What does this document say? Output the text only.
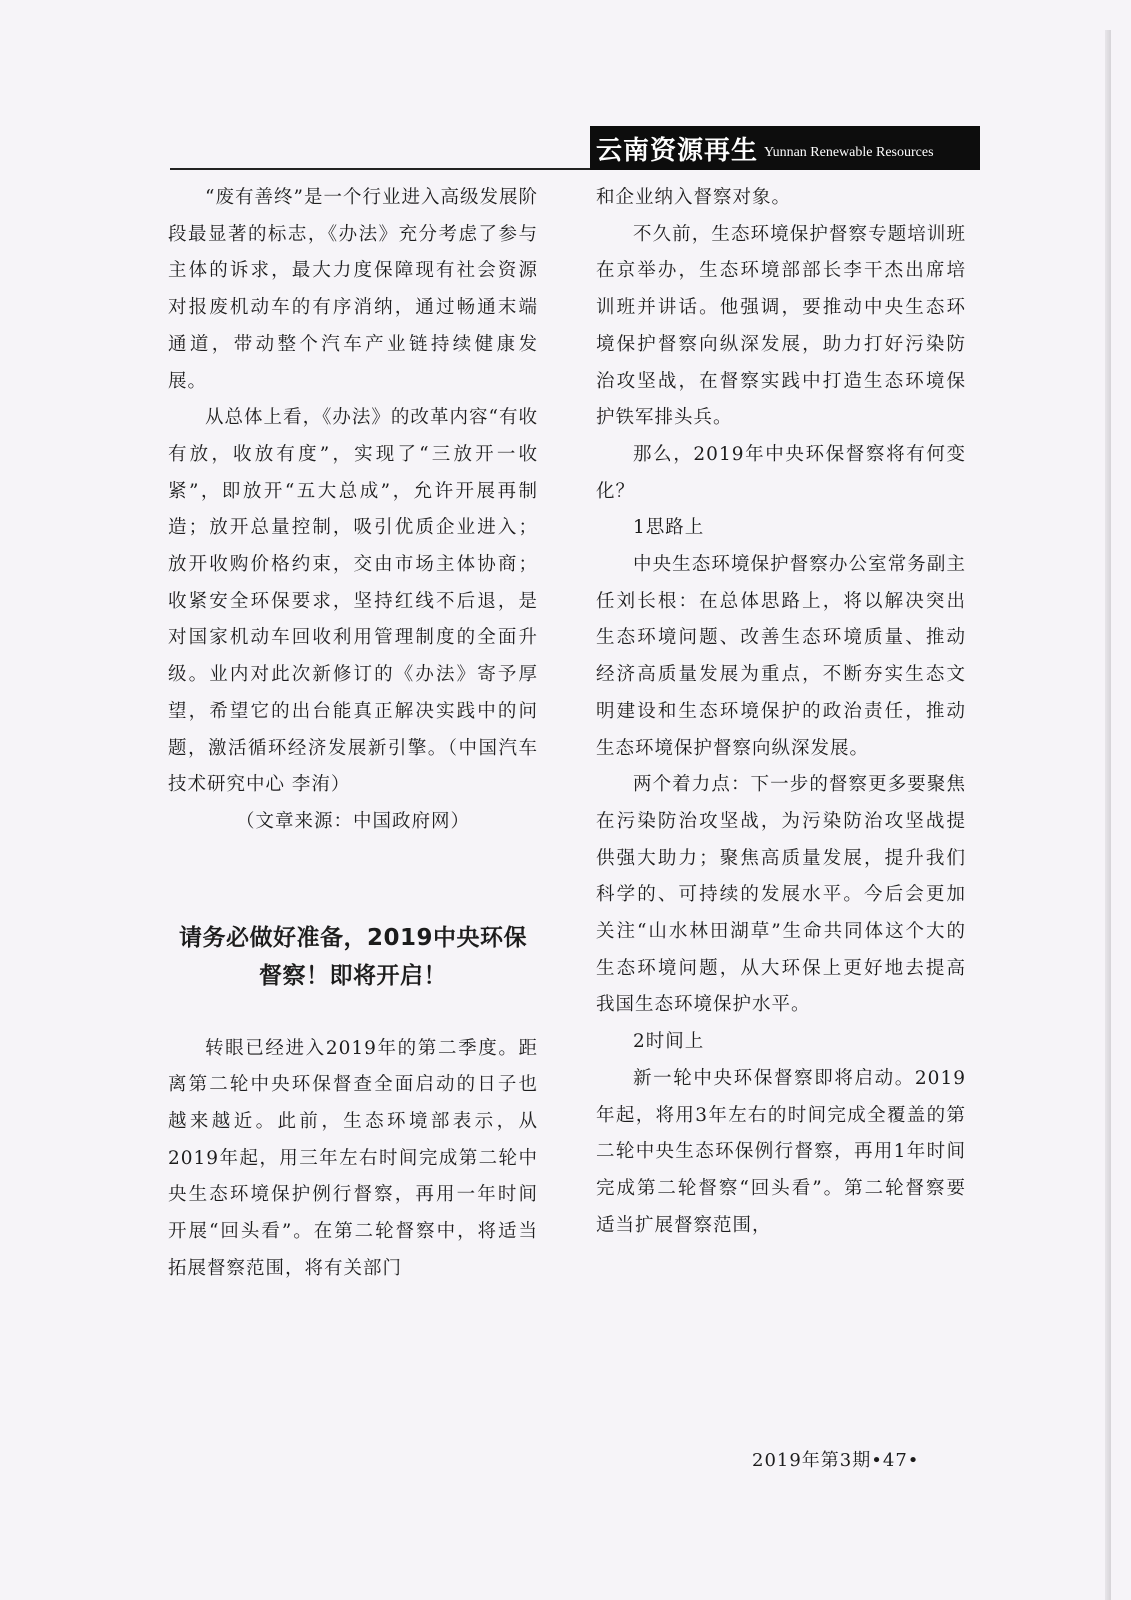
云南资源再生 Yunnan Renewable Resources

“废有善终”是一个行业进入高级发展阶段最显著的标志，《办法》充分考虑了参与主体的诉求，最大力度保障现有社会资源对报废机动车的有序消纳，通过畅通末端通道，带动整个汽车产业链持续健康发展。

从总体上看，《办法》的改革内容“有收有放，收放有度”，实现了“三放开一收紧”，即放开“五大总成”，允许开展再制造；放开总量控制，吸引优质企业进入；放开收购价格约束，交由市场主体协商；收紧安全环保要求，坚持红线不后退，是对国家机动车回收利用管理制度的全面升级。业内对此次新修订的《办法》寄予厚望，希望它的出台能真正解决实践中的问题，激活循环经济发展新引擎。（中国汽车技术研究中心 李洧）

（文章来源：中国政府网）

请务必做好准备，2019中央环保督察！即将开启！

转眼已经进入2019年的第二季度。距离第二轮中央环保督查全面启动的日子也越来越近。此前，生态环境部表示，从2019年起，用三年左右时间完成第二轮中央生态环境保护例行督察，再用一年时间开展“回头看”。在第二轮督察中，将适当拓展督察范围，将有关部门

和企业纳入督察对象。

不久前，生态环境保护督察专题培训班在京举办，生态环境部部长李干杰出席培训班并讲话。他强调，要推动中央生态环境保护督察向纵深发展，助力打好污染防治攻坚战，在督察实践中打造生态环境保护铁军排头兵。

那么，2019年中央环保督察将有何变化？

1思路上

中央生态环境保护督察办公室常务副主任刘长根：在总体思路上，将以解决突出生态环境问题、改善生态环境质量、推动经济高质量发展为重点，不断夯实生态文明建设和生态环境保护的政治责任，推动生态环境保护督察向纵深发展。

两个着力点：下一步的督察更多要聚焦在污染防治攻坚战，为污染防治攻坚战提供强大助力；聚焦高质量发展，提升我们科学的、可持续的发展水平。今后会更加关注“山水林田湖草”生命共同体这个大的生态环境问题，从大环保上更好地去提高我国生态环境保护水平。

2时间上

新一轮中央环保督察即将启动。2019年起，将用3年左右的时间完成全覆盖的第二轮中央生态环保例行督察，再用1年时间完成第二轮督察“回头看”。第二轮督察要适当扩展督察范围，

2019年第3期•47•
